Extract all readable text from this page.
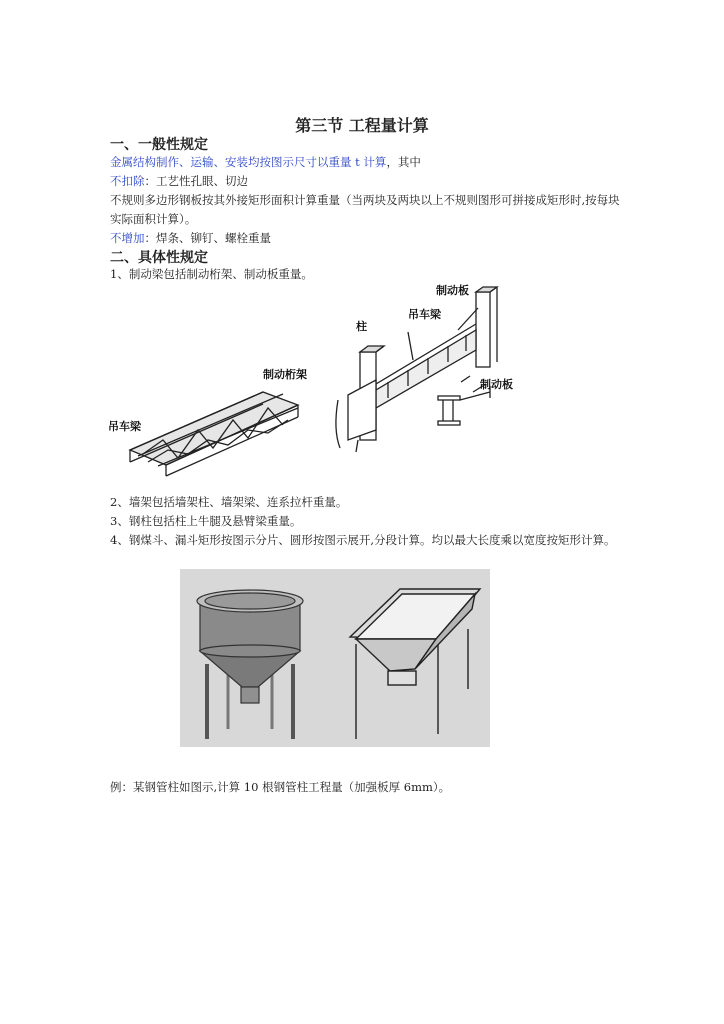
第三节 工程量计算
一、一般性规定
金属结构制作、运输、安装均按图示尺寸以重量 t 计算，其中
不扣除：工艺性孔眼、切边
不规则多边形钢板按其外接矩形面积计算重量（当两块及两块以上不规则图形可拼接成矩形时,按每块实际面积计算）。
不增加：焊条、铆钉、螺栓重量
二、具体性规定
1、制动梁包括制动桁架、制动板重量。
吊车梁
制动桁架
柱
吊车梁
制动板
制动板
2、墙架包括墙架柱、墙架梁、连系拉杆重量。
3、钢柱包括柱上牛腿及悬臂梁重量。
4、钢煤斗、漏斗矩形按图示分片、圆形按图示展开,分段计算。均以最大长度乘以宽度按矩形计算。
例：某钢管柱如图示,计算 10 根钢管柱工程量（加强板厚 6mm）。
